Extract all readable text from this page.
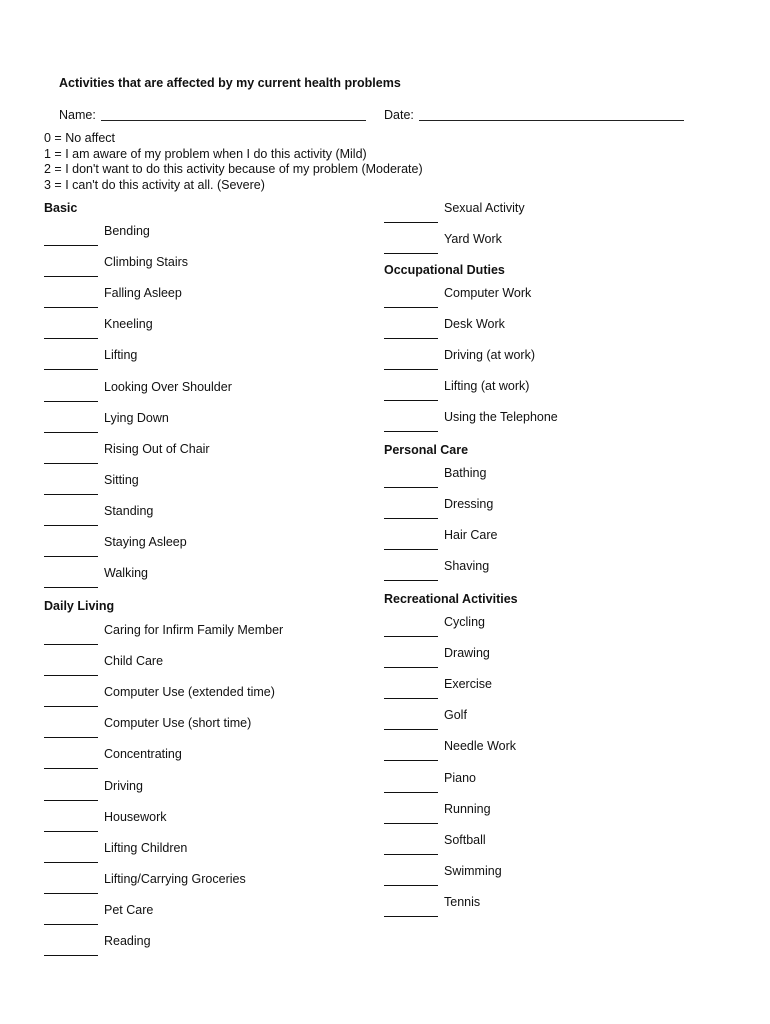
Activities that are affected by my current health problems
Name:	Date:
0 = No affect
1 = I am aware of my problem when I do this activity (Mild)
2 = I don't want to do this activity because of my problem (Moderate)
3 = I can't do this activity at all. (Severe)
Basic
Bending
Climbing Stairs
Falling Asleep
Kneeling
Lifting
Looking Over Shoulder
Lying Down
Rising Out of Chair
Sitting
Standing
Staying Asleep
Walking
Daily Living
Caring for Infirm Family Member
Child Care
Computer Use (extended time)
Computer Use (short time)
Concentrating
Driving
Housework
Lifting Children
Lifting/Carrying Groceries
Pet Care
Reading
Sexual Activity
Yard Work
Occupational Duties
Computer Work
Desk Work
Driving (at work)
Lifting (at work)
Using the Telephone
Personal Care
Bathing
Dressing
Hair Care
Shaving
Recreational Activities
Cycling
Drawing
Exercise
Golf
Needle Work
Piano
Running
Softball
Swimming
Tennis
